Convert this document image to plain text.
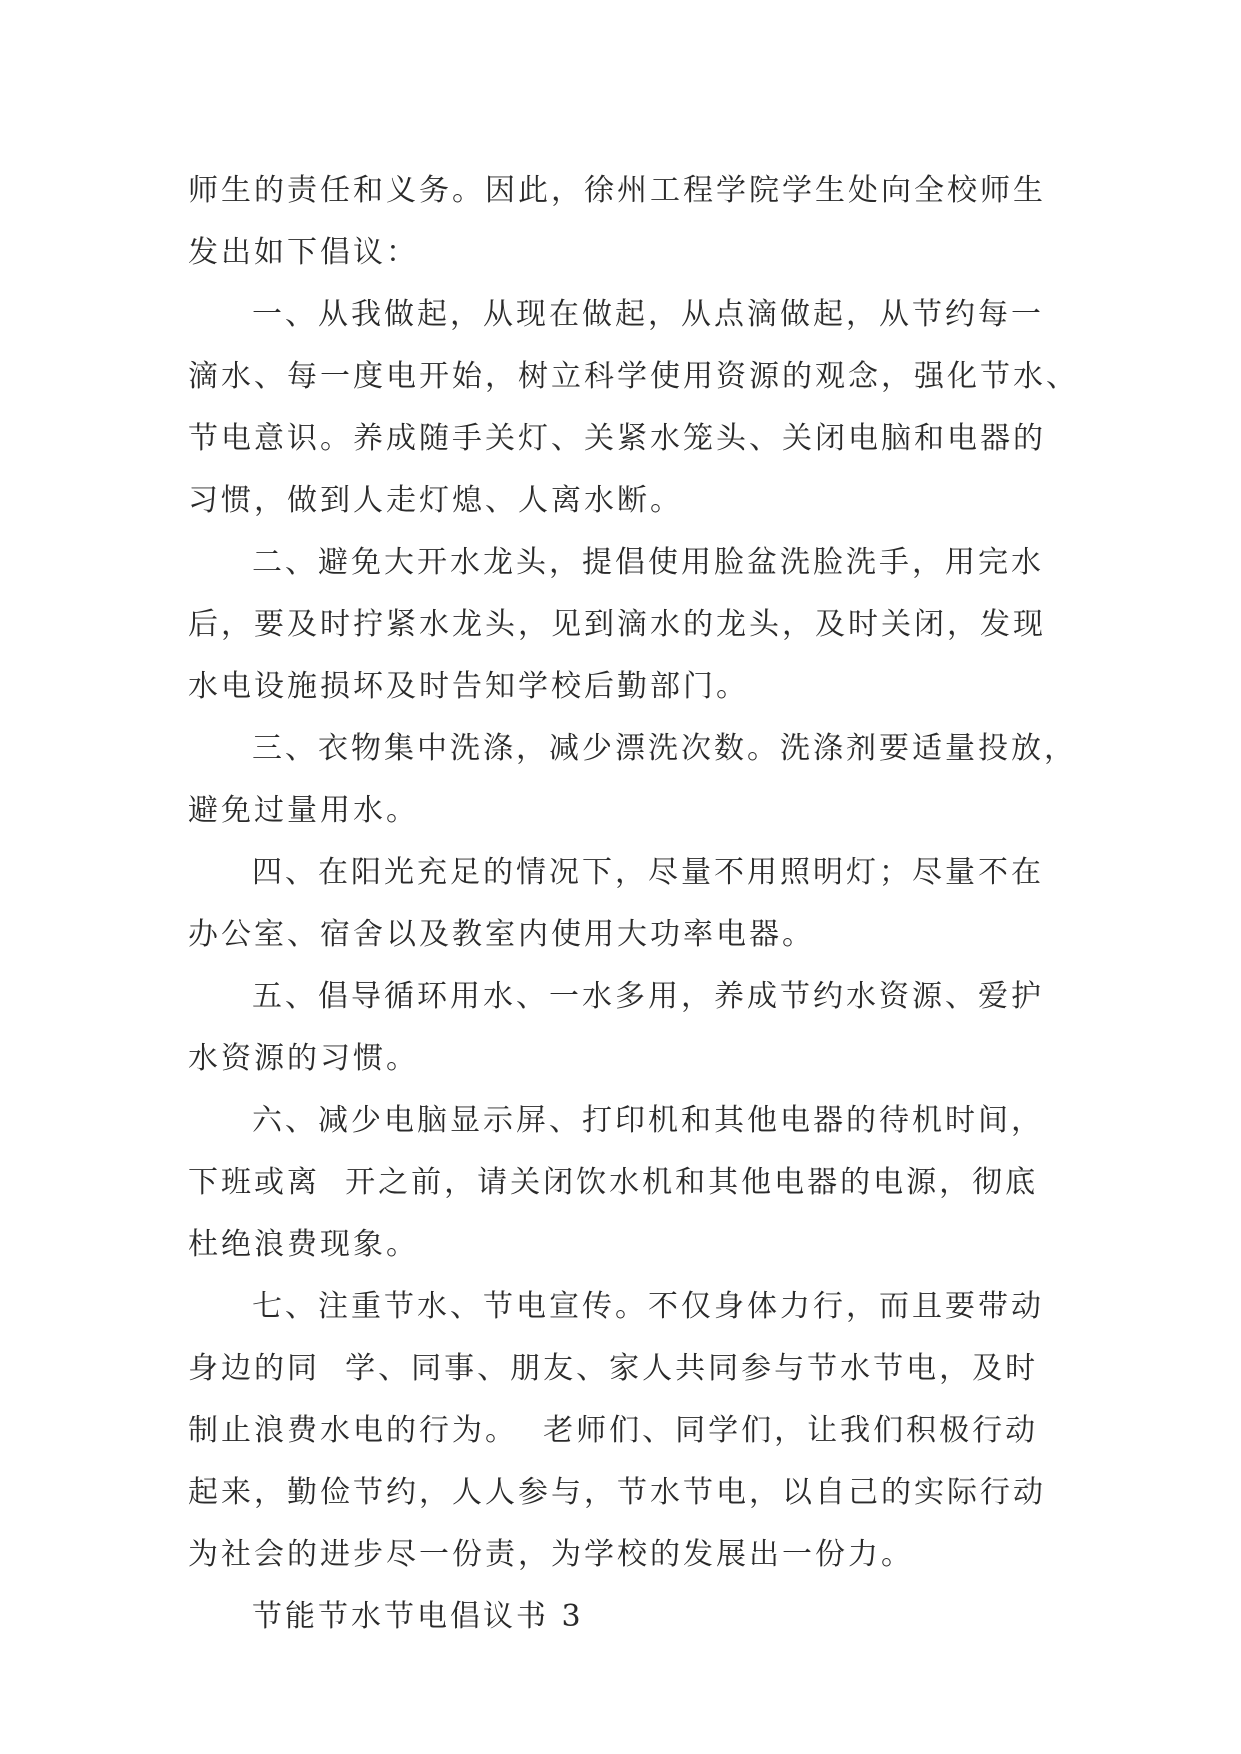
师生的责任和义务。因此，徐州工程学院学生处向全校师生
发出如下倡议：
一、从我做起，从现在做起，从点滴做起，从节约每一
滴水、每一度电开始，树立科学使用资源的观念，强化节水、
节电意识。养成随手关灯、关紧水笼头、关闭电脑和电器的
习惯，做到人走灯熄、人离水断。
二、避免大开水龙头，提倡使用脸盆洗脸洗手，用完水
后，要及时拧紧水龙头，见到滴水的龙头，及时关闭，发现
水电设施损坏及时告知学校后勤部门。
三、衣物集中洗涤，减少漂洗次数。洗涤剂要适量投放，
避免过量用水。
四、在阳光充足的情况下，尽量不用照明灯；尽量不在
办公室、宿舍以及教室内使用大功率电器。
五、倡导循环用水、一水多用，养成节约水资源、爱护
水资源的习惯。
六、减少电脑显示屏、打印机和其他电器的待机时间，
下班或离  开之前，请关闭饮水机和其他电器的电源，彻底
杜绝浪费现象。
七、注重节水、节电宣传。不仅身体力行，而且要带动
身边的同  学、同事、朋友、家人共同参与节水节电，及时
制止浪费水电的行为。  老师们、同学们，让我们积极行动
起来，勤俭节约，人人参与，节水节电，以自己的实际行动
为社会的进步尽一份责，为学校的发展出一份力。
节能节水节电倡议书 3
